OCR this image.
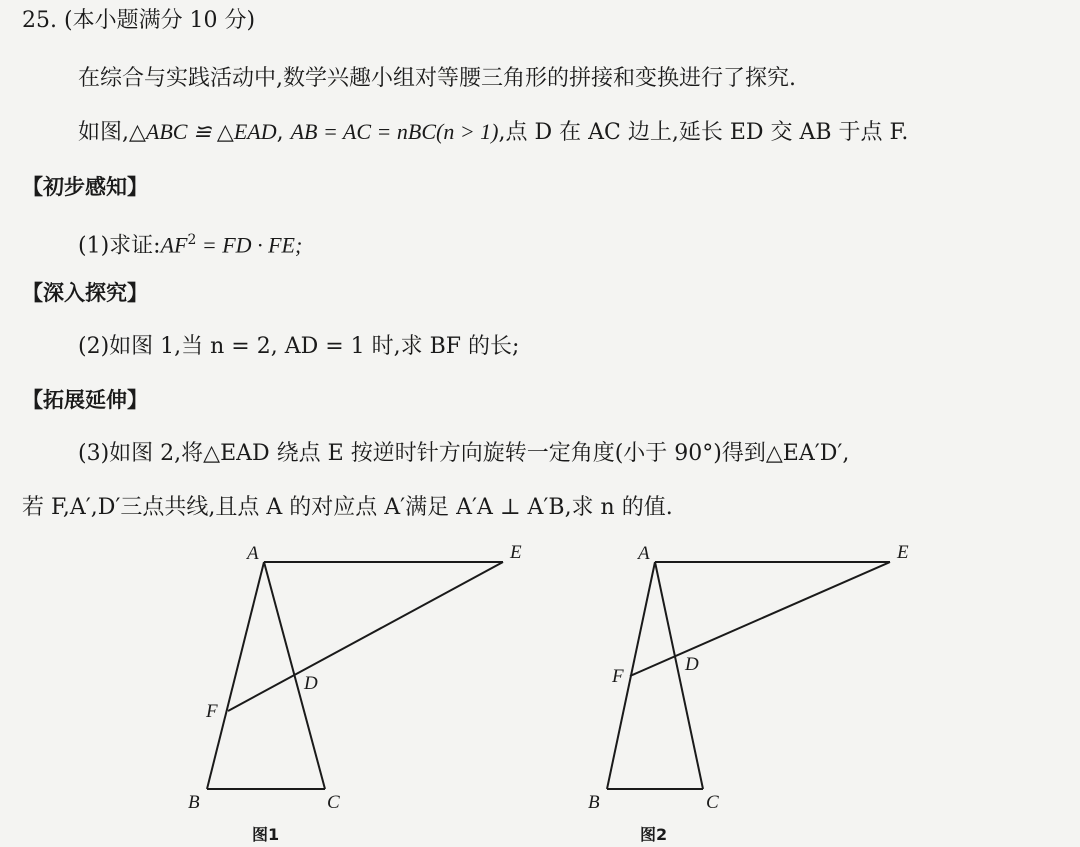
25. (本小题满分 10 分)
在综合与实践活动中,数学兴趣小组对等腰三角形的拼接和变换进行了探究.
如图,△ABC ≌ △EAD, AB = AC = nBC(n > 1),点 D 在 AC 边上,延长 ED 交 AB 于点 F.
【初步感知】
(1)求证$:AF^2$ = FD · FE;
【深入探究】
(2)如图 1,当 n = 2, AD = 1 时,求 BF 的长;
【拓展延伸】
(3)如图 2,将△EAD 绕点 E 按逆时针方向旋转一定角度(小于 90°)得到△EA′D′,
若 F,A′,D′三点共线,且点 A 的对应点 A′满足 A′A ⊥ A′B,求 n 的值.
A	E
D
F
B	C
图1
A	E
D
F
B	C
图2
